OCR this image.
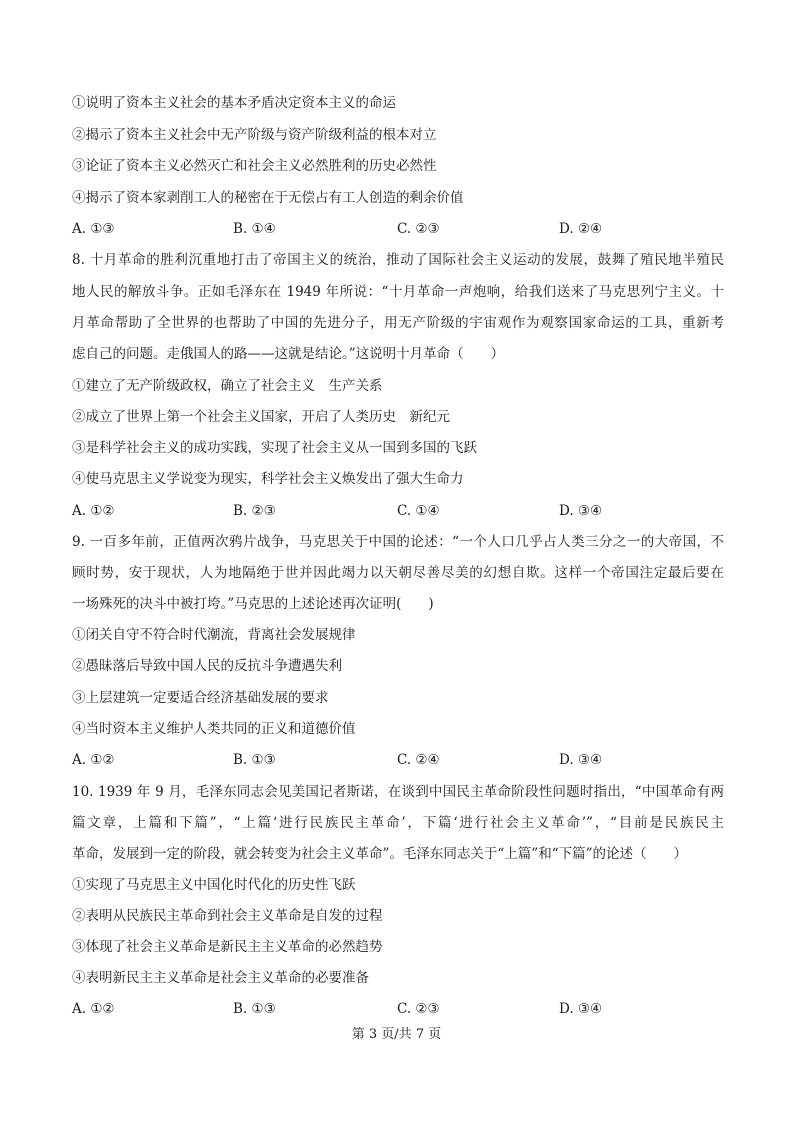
①说明了资本主义社会的基本矛盾决定资本主义的命运
②揭示了资本主义社会中无产阶级与资产阶级利益的根本对立
③论证了资本主义必然灭亡和社会主义必然胜利的历史必然性
④揭示了资本家剥削工人的秘密在于无偿占有工人创造的剩余价值
A. ①③	B. ①④	C. ②③	D. ②④
8. 十月革命的胜利沉重地打击了帝国主义的统治，推动了国际社会主义运动的发展，鼓舞了殖民地半殖民
地人民的解放斗争。正如毛泽东在 1949 年所说：“十月革命一声炮响，给我们送来了马克思列宁主义。十
月革命帮助了全世界的也帮助了中国的先进分子，用无产阶级的宇宙观作为观察国家命运的工具，重新考
虑自己的问题。走俄国人的路——这就是结论。”这说明十月革命（　　）
①建立了无产阶级政权，确立了社会主义　生产关系
②成立了世界上第一个社会主义国家，开启了人类历史　新纪元
③是科学社会主义的成功实践，实现了社会主义从一国到多国的飞跃
④使马克思主义学说变为现实，科学社会主义焕发出了强大生命力
A. ①②	B. ②③	C. ①④	D. ③④
9. 一百多年前，正值两次鸦片战争，马克思关于中国的论述：“一个人口几乎占人类三分之一的大帝国，不
顾时势，安于现状，人为地隔绝于世并因此竭力以天朝尽善尽美的幻想自欺。这样一个帝国注定最后要在
一场殊死的决斗中被打垮。”马克思的上述论述再次证明(　　)
①闭关自守不符合时代潮流，背离社会发展规律
②愚昧落后导致中国人民的反抗斗争遭遇失利
③上层建筑一定要适合经济基础发展的要求
④当时资本主义维护人类共同的正义和道德价值
A. ①②	B. ①③	C. ②④	D. ③④
10. 1939 年 9 月，毛泽东同志会见美国记者斯诺，在谈到中国民主革命阶段性问题时指出，“中国革命有两
篇文章，上篇和下篇”，“上篇‘进行民族民主革命’，下篇‘进行社会主义革命’”，“目前是民族民主
革命，发展到一定的阶段，就会转变为社会主义革命”。毛泽东同志关于“上篇”和“下篇”的论述（　　）
①实现了马克思主义中国化时代化的历史性飞跃
②表明从民族民主革命到社会主义革命是自发的过程
③体现了社会主义革命是新民主主义革命的必然趋势
④表明新民主主义革命是社会主义革命的必要准备
A. ①②	B. ①③	C. ②③	D. ③④
第 3 页/共 7 页
